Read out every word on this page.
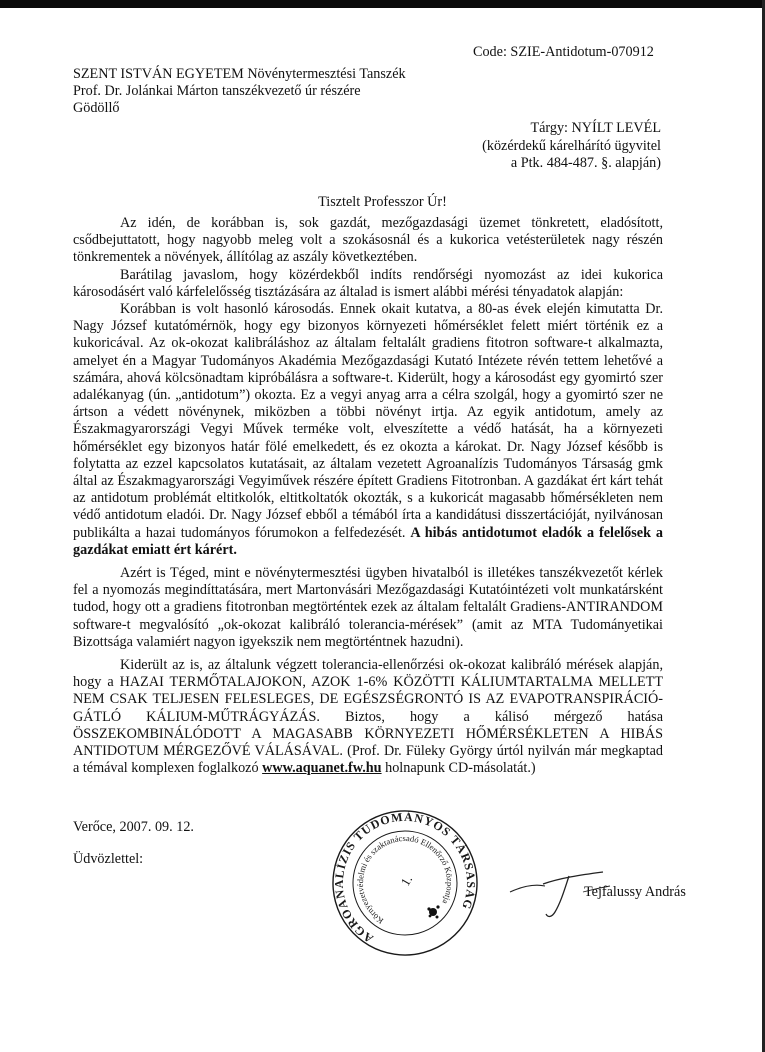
Code: SZIE-Antidotum-070912
SZENT ISTVÁN EGYETEM Növénytermesztési Tanszék
Prof. Dr. Jolánkai Márton tanszékvezető úr részére
Gödöllő
Tárgy: NYÍLT LEVÉL
(közérdekű kárelhárító ügyvitel
a Ptk. 484-487. §. alapján)
Tisztelt Professzor Úr!

Az idén, de korábban is, sok gazdát, mezőgazdasági üzemet tönkretett, eladósított, csődbejuttatott, hogy nagyobb meleg volt a szokásosnál és a kukorica vetésterületek nagy részén tönkrementek a növények, állítólag az aszály következtében.

Barátilag javaslom, hogy közérdekből indíts rendőrségi nyomozást az idei kukorica károsodásért való kárfelelősség tisztázására az általad is ismert alábbi mérési tényadatok alapján:

Korábban is volt hasonló károsodás. Ennek okait kutatva, a 80-as évek elején kimutatta Dr. Nagy József kutatómérnök, hogy egy bizonyos környezeti hőmérséklet felett miért történik ez a kukoricával. Az ok-okozat kalibráláshoz az általam feltalált gradiens fitotron software-t alkalmazta, amelyet én a Magyar Tudományos Akadémia Mezőgazdasági Kutató Intézete révén tettem lehetővé a számára, ahová kölcsönadtam kipróbálásra a software-t. Kiderült, hogy a károsodást egy gyomirtó szer adalékanyag (ún. „antidotum”) okozta. Ez a vegyi anyag arra a célra szolgál, hogy a gyomirtó szer ne ártson a védett növénynek, miközben a többi növényt irtja. Az egyik antidotum, amely az Északmagyarországi Vegyi Művek terméke volt, elveszítette a védő hatását, ha a környezeti hőmérséklet egy bizonyos határ fölé emelkedett, és ez okozta a károkat. Dr. Nagy József később is folytatta az ezzel kapcsolatos kutatásait, az általam vezetett Agroanalízis Tudományos Társaság gmk által az Északmagyarországi Vegyiművek részére épített Gradiens Fitotronban. A gazdákat ért kárt tehát az antidotum problémát eltitkolók, eltitkoltatók okozták, s a kukoricát magasabb hőmérsékleten nem védő antidotum eladói. Dr. Nagy József ebből a témából írta a kandidátusi disszertációját, nyilvánosan publikálta a hazai tudományos fórumokon a felfedezését. A hibás antidotumot eladók a felelősek a gazdákat emiatt ért kárért.

Azért is Téged, mint e növénytermesztési ügyben hivatalból is illetékes tanszékvezetőt kérlek fel a nyomozás megindíttatására, mert Martonvásári Mezőgazdasági Kutatóintézeti volt munkatársként tudod, hogy ott a gradiens fitotronban megtörténtek ezek az általam feltalált Gradiens-ANTIRANDOM software-t megvalósító „ok-okozat kalibráló tolerancia-mérések” (amit az MTA Tudományetikai Bizottsága valamiért nagyon igyekszik nem megtörténtnek hazudni).

Kiderült az is, az általunk végzett tolerancia-ellenőrzési ok-okozat kalibráló mérések alapján, hogy a HAZAI TERMŐTALAJOKON, AZOK 1-6% KÖZÖTTI KÁLIUMTARTALMA MELLETT NEM CSAK TELJESEN FELESLEGES, DE EGÉSZSÉGRONTÓ IS AZ EVAPOTRANSPIRÁCIÓ-GÁTLÓ KÁLIUM-MŰTRÁGYÁZÁS. Biztos, hogy a kálisó mérgező hatása ÖSSZEKOMBINÁLÓDOTT A MAGASABB KÖRNYEZETI HŐMÉRSÉKLETEN A HIBÁS ANTIDOTUM MÉRGEZŐVÉ VÁLÁSÁVAL. (Prof. Dr. Füleky György úrtól nyilván már megkaptad a témával komplexen foglalkozó www.aquanet.fw.hu holnapunk CD-másolatát.)

Verőce, 2007. 09. 12.
Üdvözlettel:
AGROANALÍZIS TUDOMÁNYOS TÁRSASÁG
Környezetvédelmi és szaktanácsadó Ellenőrző Központja
1.
Tejfalussy András
